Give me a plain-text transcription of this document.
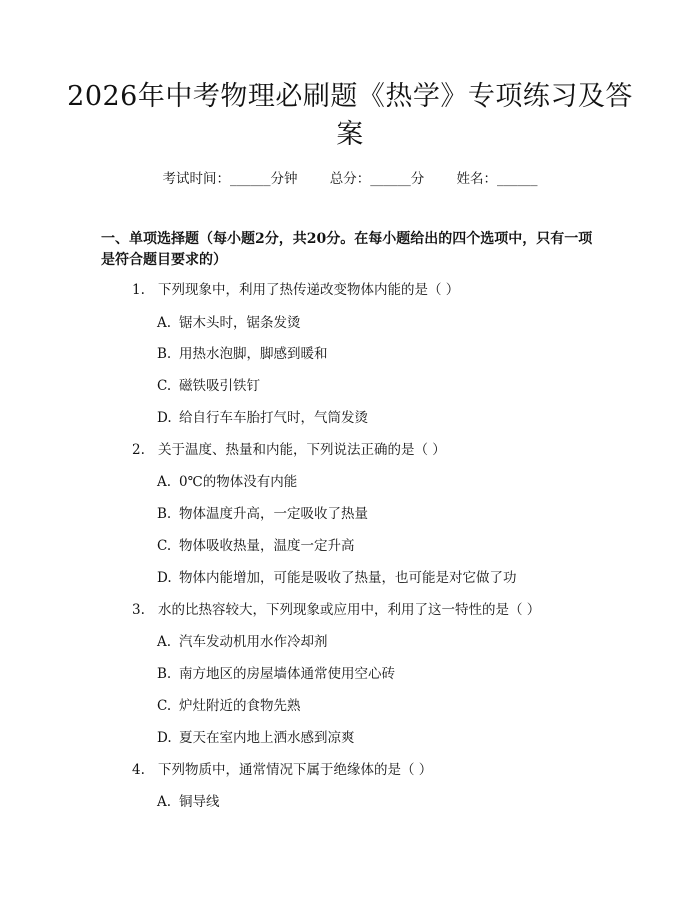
2026年中考物理必刷题《热学》专项练习及答案
考试时间：______分钟 总分：______分 姓名：______
一、单项选择题（每小题2分，共20分。在每小题给出的四个选项中，只有一项是符合题目要求的）
1. 下列现象中，利用了热传递改变物体内能的是（ ）
A. 锯木头时，锯条发烫
B. 用热水泡脚，脚感到暖和
C. 磁铁吸引铁钉
D. 给自行车车胎打气时，气筒发烫
2. 关于温度、热量和内能，下列说法正确的是（ ）
A. 0℃的物体没有内能
B. 物体温度升高，一定吸收了热量
C. 物体吸收热量，温度一定升高
D. 物体内能增加，可能是吸收了热量，也可能是对它做了功
3. 水的比热容较大，下列现象或应用中，利用了这一特性的是（ ）
A. 汽车发动机用水作冷却剂
B. 南方地区的房屋墙体通常使用空心砖
C. 炉灶附近的食物先熟
D. 夏天在室内地上洒水感到凉爽
4. 下列物质中，通常情况下属于绝缘体的是（ ）
A. 铜导线
